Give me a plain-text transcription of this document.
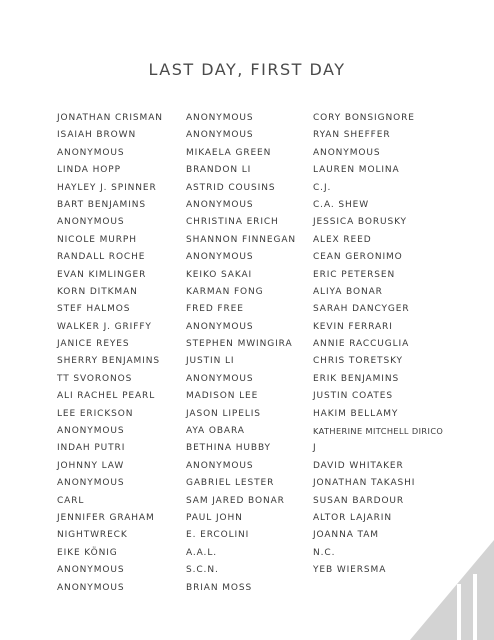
LAST DAY, FIRST DAY
JONATHAN CRISMAN
ISAIAH BROWN
ANONYMOUS
LINDA HOPP
HAYLEY J. SPINNER
BART BENJAMINS
ANONYMOUS
NICOLE MURPH
RANDALL ROCHE
EVAN KIMLINGER
KORN DITKMAN
STEF HALMOS
WALKER J. GRIFFY
JANICE REYES
SHERRY BENJAMINS
TT SVORONOS
ALI RACHEL PEARL
LEE ERICKSON
ANONYMOUS
INDAH PUTRI
JOHNNY LAW
ANONYMOUS
CARL
JENNIFER GRAHAM
NIGHTWRECK
EIKE KÖNIG
ANONYMOUS
ANONYMOUS
ANONYMOUS
ANONYMOUS
MIKAELA GREEN
BRANDON LI
ASTRID COUSINS
ANONYMOUS
CHRISTINA ERICH
SHANNON FINNEGAN
ANONYMOUS
KEIKO SAKAI
KARMAN FONG
FRED FREE
ANONYMOUS
STEPHEN MWINGIRA
JUSTIN LI
ANONYMOUS
MADISON LEE
JASON LIPELIS
AYA OBARA
BETHINA HUBBY
ANONYMOUS
GABRIEL LESTER
SAM JARED BONAR
PAUL JOHN
E. ERCOLINI
A.A.L.
S.C.N.
BRIAN MOSS
CORY BONSIGNORE
RYAN SHEFFER
ANONYMOUS
LAUREN MOLINA
C.J.
C.A. SHEW
JESSICA BORUSKY
ALEX REED
CEAN GERONIMO
ERIC PETERSEN
ALIYA BONAR
SARAH DANCYGER
KEVIN FERRARI
ANNIE RACCUGLIA
CHRIS TORETSKY
ERIK BENJAMINS
JUSTIN COATES
HAKIM BELLAMY
KATHERINE MITCHELL DIRICO
J
DAVID WHITAKER
JONATHAN TAKASHI
SUSAN BARDOUR
ALTOR LAJARIN
JOANNA TAM
N.C.
YEB WIERSMA
